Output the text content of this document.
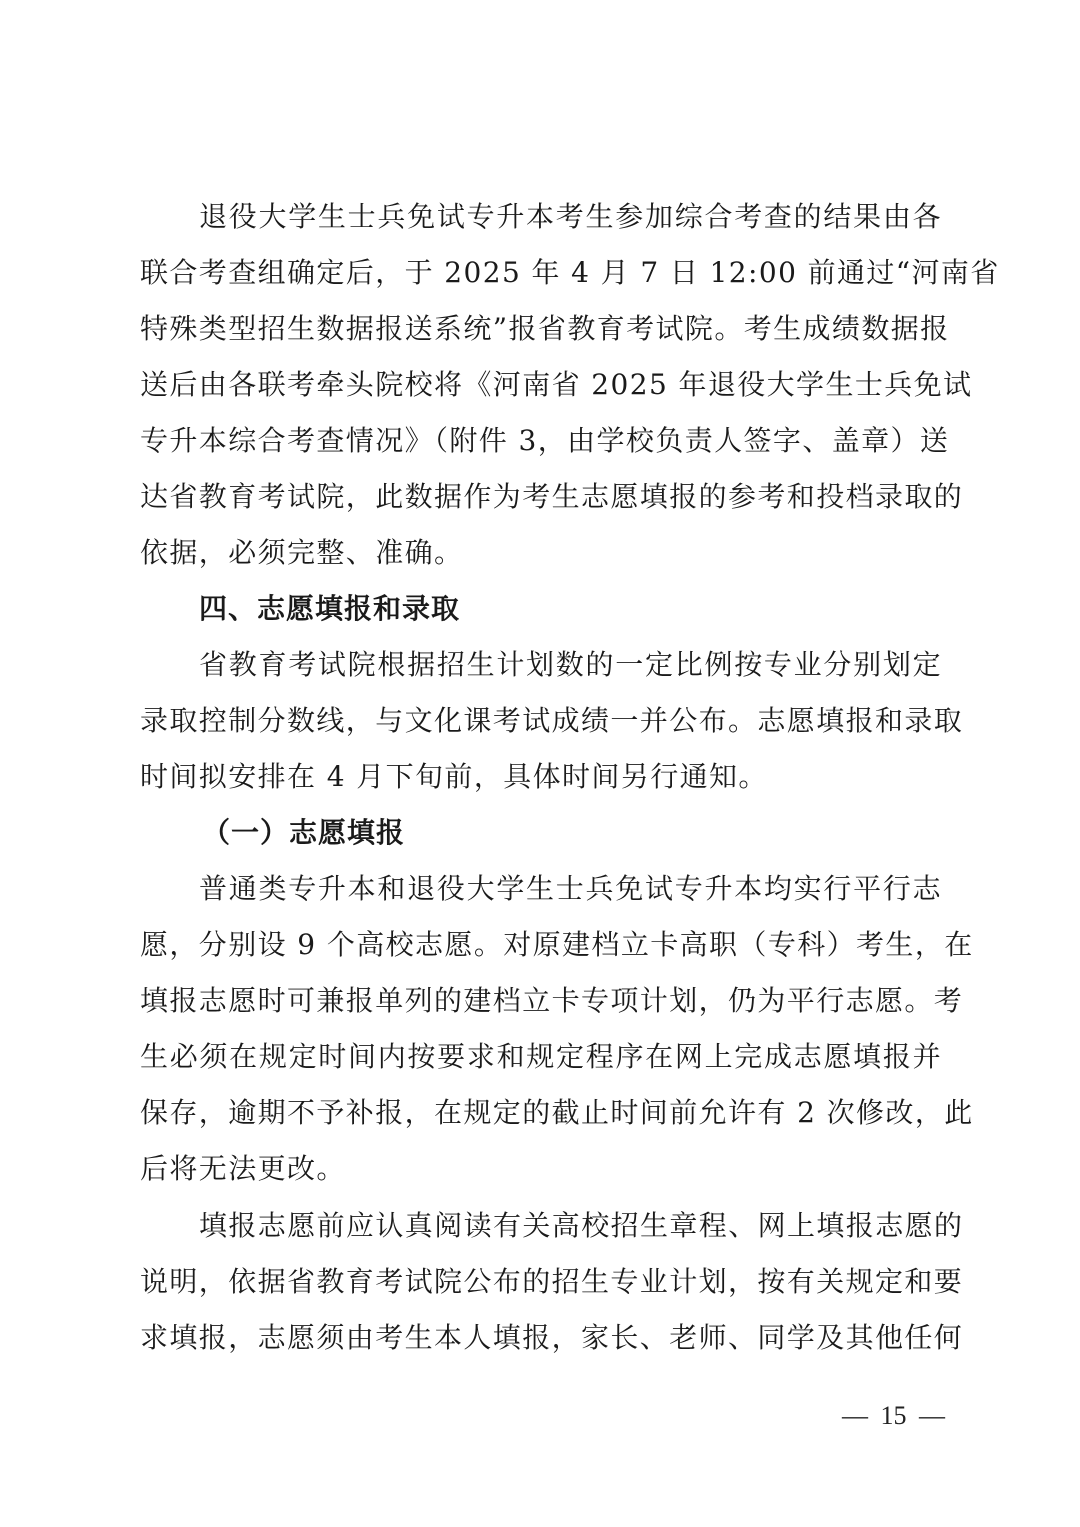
退役大学生士兵免试专升本考生参加综合考查的结果由各
联合考查组确定后，于 2025 年 4 月 7 日 12:00 前通过“河南省
特殊类型招生数据报送系统”报省教育考试院。考生成绩数据报
送后由各联考牵头院校将《河南省 2025 年退役大学生士兵免试
专升本综合考查情况》（附件 3，由学校负责人签字、盖章）送
达省教育考试院，此数据作为考生志愿填报的参考和投档录取的
依据，必须完整、准确。
四、志愿填报和录取
省教育考试院根据招生计划数的一定比例按专业分别划定
录取控制分数线，与文化课考试成绩一并公布。志愿填报和录取
时间拟安排在 4 月下旬前，具体时间另行通知。
（一）志愿填报
普通类专升本和退役大学生士兵免试专升本均实行平行志
愿，分别设 9 个高校志愿。对原建档立卡高职（专科）考生，在
填报志愿时可兼报单列的建档立卡专项计划，仍为平行志愿。考
生必须在规定时间内按要求和规定程序在网上完成志愿填报并
保存，逾期不予补报，在规定的截止时间前允许有 2 次修改，此
后将无法更改。
填报志愿前应认真阅读有关高校招生章程、网上填报志愿的
说明，依据省教育考试院公布的招生专业计划，按有关规定和要
求填报，志愿须由考生本人填报，家长、老师、同学及其他任何
— 15 —
